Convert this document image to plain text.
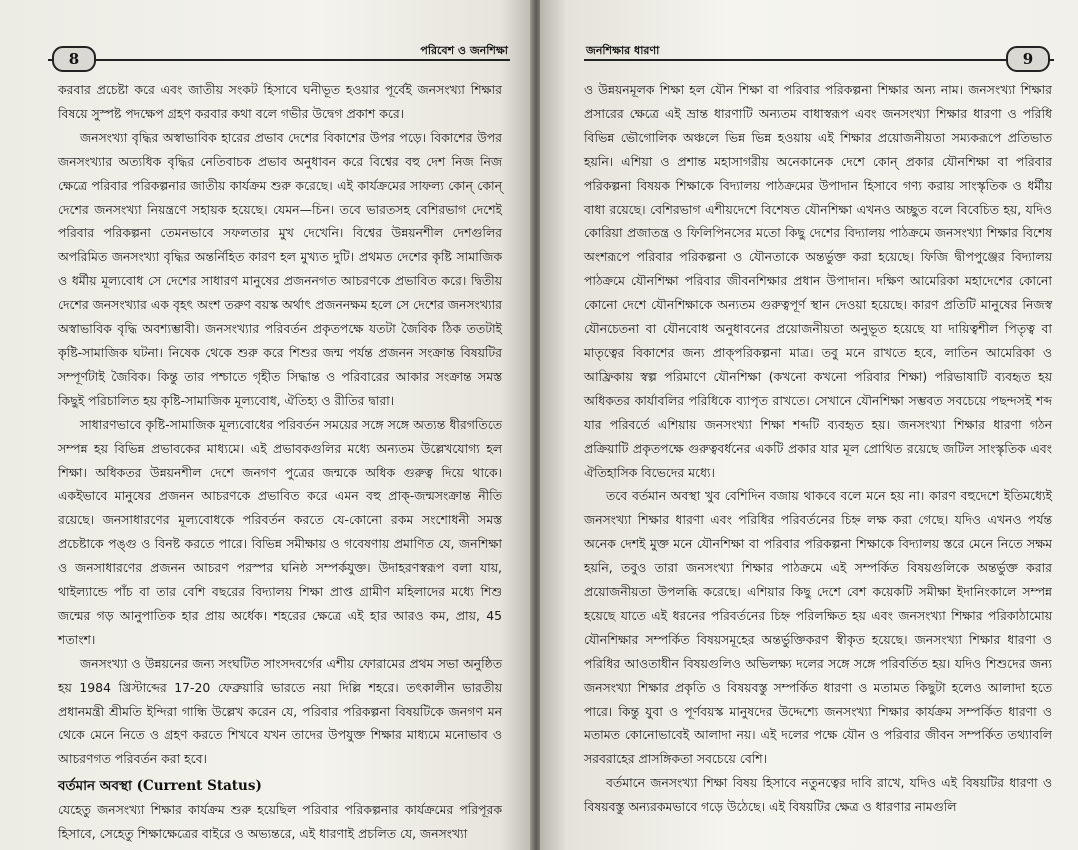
8	পরিবেশ ও জনশিক্ষা

করবার প্রচেষ্টা করে এবং জাতীয় সংকট হিসাবে ঘনীভূত হওয়ার পূর্বেই জনসংখ্যা শিক্ষার বিষয়ে সুস্পষ্ট পদক্ষেপ গ্রহণ করবার কথা বলে গভীর উদ্বেগ প্রকাশ করে।

জনসংখ্যা বৃদ্ধির অস্বাভাবিক হারের প্রভাব দেশের বিকাশের উপর পড়ে। বিকাশের উপর জনসংখ্যার অত্যধিক বৃদ্ধির নেতিবাচক প্রভাব অনুধাবন করে বিশ্বের বহু দেশ নিজ নিজ ক্ষেত্রে পরিবার পরিকল্পনার জাতীয় কার্যক্রম শুরু করেছে। এই কার্যক্রমের সাফল্য কোন্ কোন্ দেশের জনসংখ্যা নিয়ন্ত্রণে সহায়ক হয়েছে। যেমন—চিন। তবে ভারতসহ বেশিরভাগ দেশেই পরিবার পরিকল্পনা তেমনভাবে সফলতার মুখ দেখেনি। বিশ্বের উন্নয়নশীল দেশগুলির অপরিমিত জনসংখ্যা বৃদ্ধির অন্তর্নিহিত কারণ হল মুখ্যত দুটি। প্রথমত দেশের কৃষ্টি সামাজিক ও ধর্মীয় মূল্যবোধ সে দেশের সাধারণ মানুষের প্রজননগত আচরণকে প্রভাবিত করে। দ্বিতীয় দেশের জনসংখ্যার এক বৃহৎ অংশ তরুণ বয়স্ক অর্থাৎ প্রজননক্ষম হলে সে দেশের জনসংখ্যার অস্বাভাবিক বৃদ্ধি অবশ্যম্ভাবী। জনসংখ্যার পরিবর্তন প্রকৃতপক্ষে যতটা জৈবিক ঠিক ততটাই কৃষ্টি-সামাজিক ঘটনা। নিষেক থেকে শুরু করে শিশুর জন্ম পর্যন্ত প্রজনন সংক্রান্ত বিষয়টির সম্পূর্ণটাই জৈবিক। কিন্তু তার পশ্চাতে গৃহীত সিদ্ধান্ত ও পরিবারের আকার সংক্রান্ত সমস্ত কিছুই পরিচালিত হয় কৃষ্টি-সামাজিক মূল্যবোধ, ঐতিহ্য ও রীতির দ্বারা।

সাধারণভাবে কৃষ্টি-সামাজিক মূল্যবোধের পরিবর্তন সময়ের সঙ্গে সঙ্গে অত্যন্ত ধীরগতিতে সম্পন্ন হয় বিভিন্ন প্রভাবকের মাধ্যমে। এই প্রভাবকগুলির মধ্যে অন্যতম উল্লেখযোগ্য হল শিক্ষা। অধিকতর উন্নয়নশীল দেশে জনগণ পুত্রের জন্মকে অধিক গুরুত্ব দিয়ে থাকে। একইভাবে মানুষের প্রজনন আচরণকে প্রভাবিত করে এমন বহু প্রাক্-জন্মসংক্রান্ত নীতি রয়েছে। জনসাধারণের মূল্যবোধকে পরিবর্তন করতে যে-কোনো রকম সংশোধনী সমস্ত প্রচেষ্টাকে পঙ্গু ও বিনষ্ট করতে পারে। বিভিন্ন সমীক্ষায় ও গবেষণায় প্রমাণিত যে, জনশিক্ষা ও জনসাধারণের প্রজনন আচরণ পরস্পর ঘনিষ্ঠ সম্পর্কযুক্ত। উদাহরণস্বরূপ বলা যায়, থাইল্যান্ডে পাঁচ বা তার বেশি বছরের বিদ্যালয় শিক্ষা প্রাপ্ত গ্রামীণ মহিলাদের মধ্যে শিশু জন্মের গড় আনুপাতিক হার প্রায় অর্ধেক। শহরের ক্ষেত্রে এই হার আরও কম, প্রায়, 45 শতাংশ।

জনসংখ্যা ও উন্নয়নের জন্য সংঘটিত সাংসদবর্গের এশীয় ফোরামের প্রথম সভা অনুষ্ঠিত হয় 1984 খ্রিস্টাব্দের 17-20 ফেব্রুয়ারি ভারতে নয়া দিল্লি শহরে। তৎকালীন ভারতীয় প্রধানমন্ত্রী শ্রীমতি ইন্দিরা গান্ধি উল্লেখ করেন যে, পরিবার পরিকল্পনা বিষয়টিকে জনগণ মন থেকে মেনে নিতে ও গ্রহণ করতে শিখবে যখন তাদের উপযুক্ত শিক্ষার মাধ্যমে মনোভাব ও আচরণগত পরিবর্তন করা হবে।

বর্তমান অবস্থা (Current Status)

যেহেতু জনসংখ্যা শিক্ষার কার্যক্রম শুরু হয়েছিল পরিবার পরিকল্পনার কার্যক্রমের পরিপূরক হিসাবে, সেহেতু শিক্ষাক্ষেত্রের বাইরে ও অভ্যন্তরে, এই ধারণাই প্রচলিত যে, জনসংখ্যা

জনশিক্ষার ধারণা	9

ও উন্নয়নমূলক শিক্ষা হল যৌন শিক্ষা বা পরিবার পরিকল্পনা শিক্ষার অন্য নাম। জনসংখ্যা শিক্ষার প্রসারের ক্ষেত্রে এই ভ্রান্ত ধারণাটি অন্যতম বাধাস্বরূপ এবং জনসংখ্যা শিক্ষার ধারণা ও পরিধি বিভিন্ন ভৌগোলিক অঞ্চলে ভিন্ন ভিন্ন হওয়ায় এই শিক্ষার প্রয়োজনীয়তা সম্যকরূপে প্রতিভাত হয়নি। এশিয়া ও প্রশান্ত মহাসাগরীয় অনেকানেক দেশে কোন্ প্রকার যৌনশিক্ষা বা পরিবার পরিকল্পনা বিষয়ক শিক্ষাকে বিদ্যালয় পাঠক্রমের উপাদান হিসাবে গণ্য করায় সাংস্কৃতিক ও ধর্মীয় বাধা রয়েছে। বেশিরভাগ এশীয়দেশে বিশেষত যৌনশিক্ষা এখনও অচ্ছুত বলে বিবেচিত হয়, যদিও কোরিয়া প্রজাতন্ত্র ও ফিলিপিনসের মতো কিছু দেশের বিদ্যালয় পাঠক্রমে জনসংখ্যা শিক্ষার বিশেষ অংশরূপে পরিবার পরিকল্পনা ও যৌনতাকে অন্তর্ভুক্ত করা হয়েছে। ফিজি দ্বীপপুঞ্জের বিদ্যালয় পাঠক্রমে যৌনশিক্ষা পরিবার জীবনশিক্ষার প্রধান উপাদান। দক্ষিণ আমেরিকা মহাদেশের কোনো কোনো দেশে যৌনশিক্ষাকে অন্যতম গুরুত্বপূর্ণ স্থান দেওয়া হয়েছে। কারণ প্রতিটি মানুষের নিজস্ব যৌনচেতনা বা যৌনবোধ অনুধাবনের প্রয়োজনীয়তা অনুভূত হয়েছে যা দায়িত্বশীল পিতৃত্ব বা মাতৃত্বের বিকাশের জন্য প্রাক্‌পরিকল্পনা মাত্র। তবু মনে রাখতে হবে, লাতিন আমেরিকা ও আফ্রিকায় স্বল্প পরিমাণে যৌনশিক্ষা (কখনো কখনো পরিবার শিক্ষা) পরিভাষাটি ব্যবহৃত হয় অধিকতর কার্যাবলির পরিধিকে ব্যাপৃত রাখতে। সেখানে যৌনশিক্ষা সম্ভবত সবচেয়ে পছন্দসই শব্দ যার পরিবর্তে এশিয়ায় জনসংখ্যা শিক্ষা শব্দটি ব্যবহৃত হয়। জনসংখ্যা শিক্ষার ধারণা গঠন প্রক্রিয়াটি প্রকৃতপক্ষে গুরুত্ববর্ধনের একটি প্রকার যার মূল প্রোথিত রয়েছে জটিল সাংস্কৃতিক এবং ঐতিহাসিক বিভেদের মধ্যে।

তবে বর্তমান অবস্থা খুব বেশিদিন বজায় থাকবে বলে মনে হয় না। কারণ বহুদেশে ইতিমধ্যেই জনসংখ্যা শিক্ষার ধারণা এবং পরিধির পরিবর্তনের চিহ্ন লক্ষ করা গেছে। যদিও এখনও পর্যন্ত অনেক দেশই মুক্ত মনে যৌনশিক্ষা বা পরিবার পরিকল্পনা শিক্ষাকে বিদ্যালয় স্তরে মেনে নিতে সক্ষম হয়নি, তবুও তারা জনসংখ্যা শিক্ষার পাঠক্রমে এই সম্পর্কিত বিষয়গুলিকে অন্তর্ভুক্ত করার প্রয়োজনীয়তা উপলব্ধি করেছে। এশিয়ার কিছু দেশে বেশ কয়েকটি সমীক্ষা ইদানিংকালে সম্পন্ন হয়েছে যাতে এই ধরনের পরিবর্তনের চিহ্ন পরিলক্ষিত হয় এবং জনসংখ্যা শিক্ষার পরিকাঠামোয় যৌনশিক্ষার সম্পর্কিত বিষয়সমূহের অন্তর্ভুক্তিকরণ স্বীকৃত হয়েছে। জনসংখ্যা শিক্ষার ধারণা ও পরিধির আওতাধীন বিষয়গুলিও অভিলক্ষ্য দলের সঙ্গে সঙ্গে পরিবর্তিত হয়। যদিও শিশুদের জন্য জনসংখ্যা শিক্ষার প্রকৃতি ও বিষয়বস্তু সম্পর্কিত ধারণা ও মতামত কিছুটা হলেও আলাদা হতে পারে। কিন্তু যুবা ও পূর্ণবয়স্ক মানুষদের উদ্দেশ্যে জনসংখ্যা শিক্ষার কার্যক্রম সম্পর্কিত ধারণা ও মতামত কোনোভাবেই আলাদা নয়। এই দলের পক্ষে যৌন ও পরিবার জীবন সম্পর্কিত তথ্যাবলি সরবরাহের প্রাসঙ্গিকতা সবচেয়ে বেশি।

বর্তমানে জনসংখ্যা শিক্ষা বিষয় হিসাবে নতুনত্বের দাবি রাখে, যদিও এই বিষয়টির ধারণা ও বিষয়বস্তু অন্যরকমভাবে গড়ে উঠেছে। এই বিষয়টির ক্ষেত্র ও ধারণার নামগুলি
